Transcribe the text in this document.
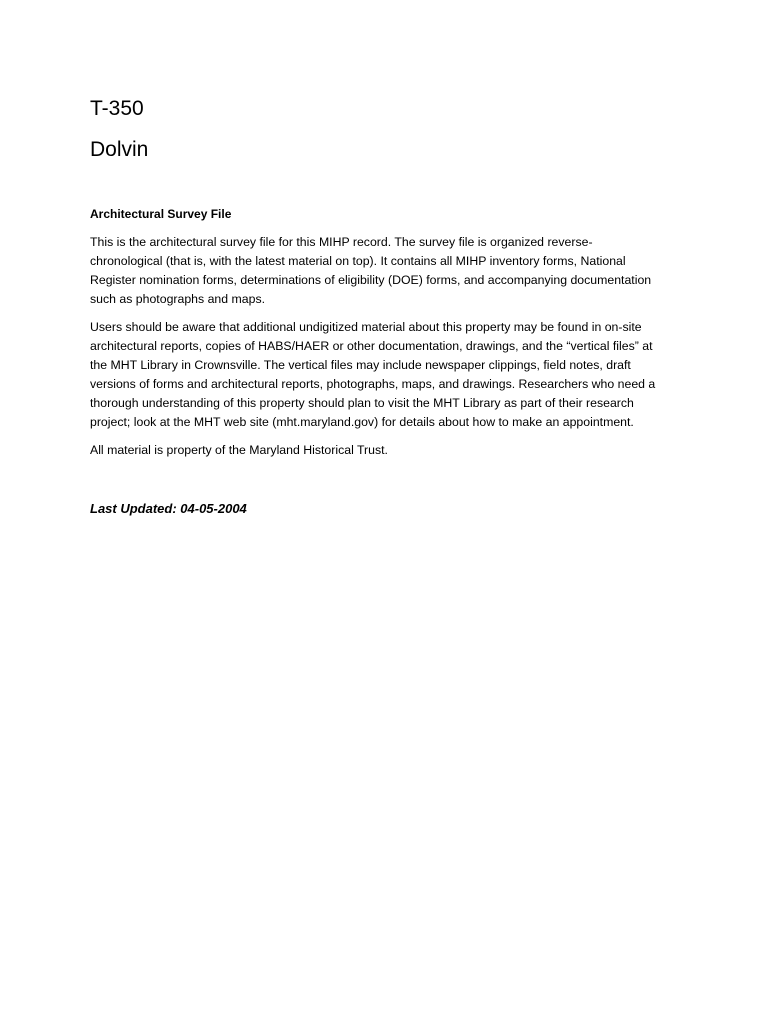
T-350
Dolvin

Architectural Survey File

This is the architectural survey file for this MIHP record. The survey file is organized reverse-
chronological (that is, with the latest material on top). It contains all MIHP inventory forms, National
Register nomination forms, determinations of eligibility (DOE) forms, and accompanying documentation
such as photographs and maps.

Users should be aware that additional undigitized material about this property may be found in on-site
architectural reports, copies of HABS/HAER or other documentation, drawings, and the “vertical files” at
the MHT Library in Crownsville. The vertical files may include newspaper clippings, field notes, draft
versions of forms and architectural reports, photographs, maps, and drawings. Researchers who need a
thorough understanding of this property should plan to visit the MHT Library as part of their research
project; look at the MHT web site (mht.maryland.gov) for details about how to make an appointment.

All material is property of the Maryland Historical Trust.

Last Updated: 04-05-2004
